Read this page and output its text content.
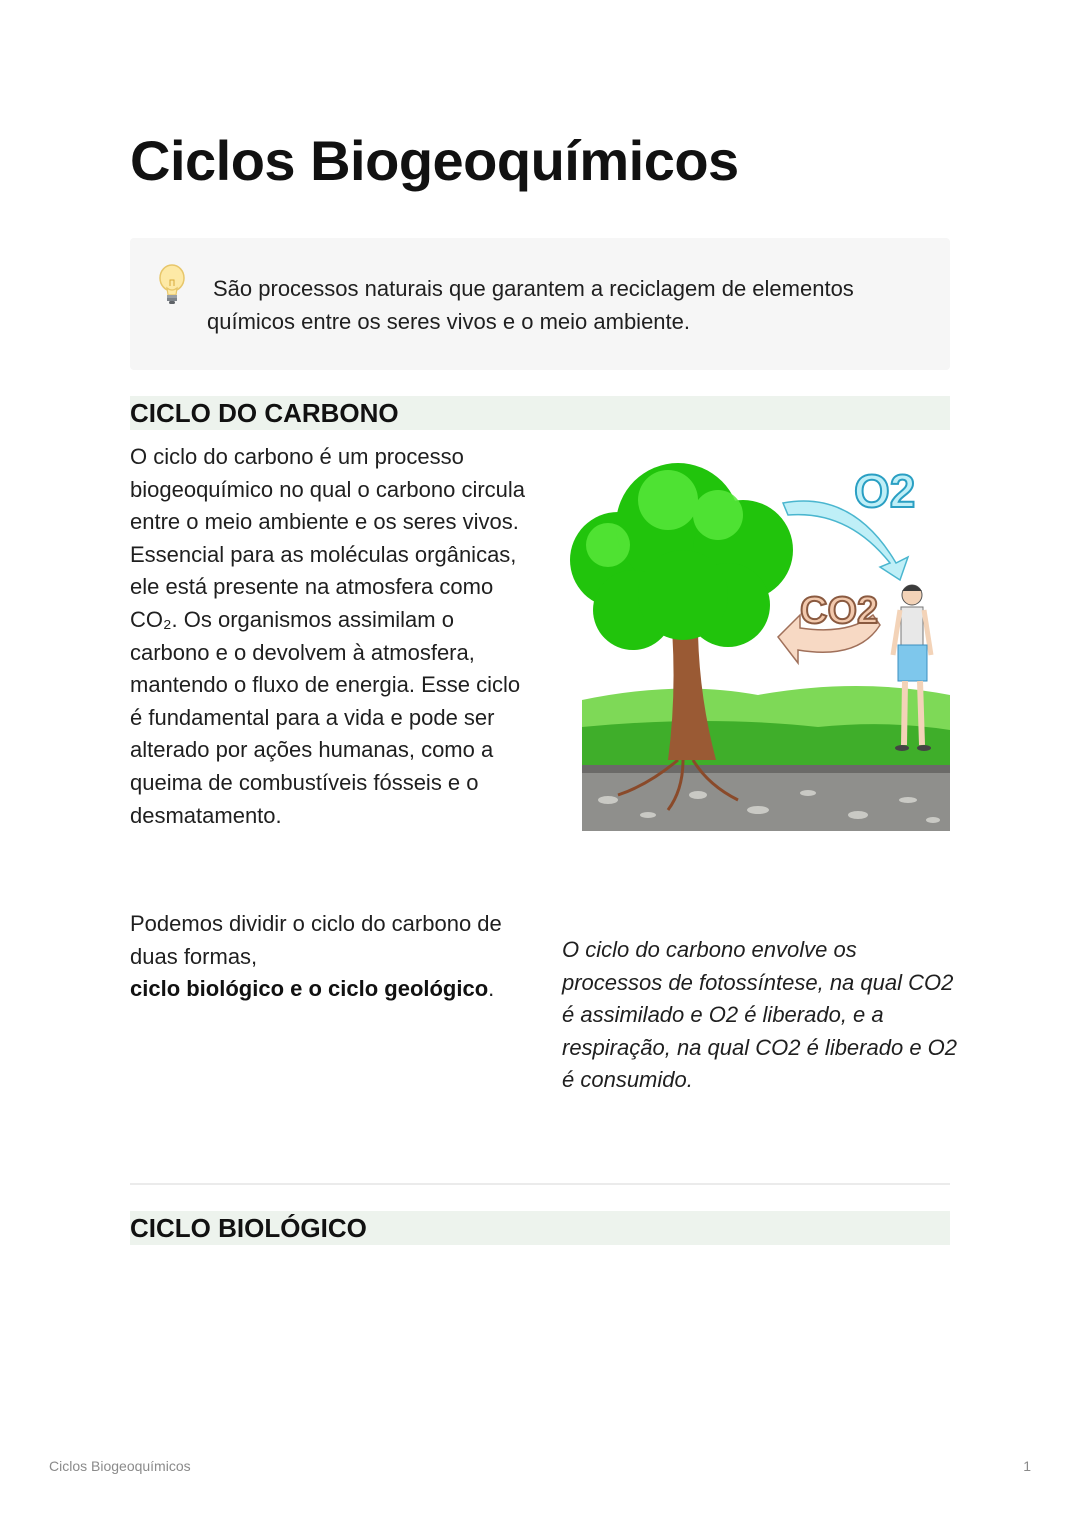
Ciclos Biogeoquímicos
São processos naturais que garantem a reciclagem de elementos químicos entre os seres vivos e o meio ambiente.
CICLO DO CARBONO

O ciclo do carbono é um processo biogeoquímico no qual o carbono circula entre o meio ambiente e os seres vivos. Essencial para as moléculas orgânicas, ele está presente na atmosfera como CO₂. Os organismos assimilam o carbono e o devolvem à atmosfera, mantendo o fluxo de energia. Esse ciclo é fundamental para a vida e pode ser alterado por ações humanas, como a queima de combustíveis fósseis e o desmatamento.

O2
CO2

Podemos dividir o ciclo do carbono de duas formas,
ciclo biológico e o ciclo geológico.

O ciclo do carbono envolve os processos de fotossíntese, na qual CO2 é assimilado e O2 é liberado, e a respiração, na qual CO2 é liberado e O2 é consumido.

CICLO BIOLÓGICO
Ciclos Biogeoquímicos	1
